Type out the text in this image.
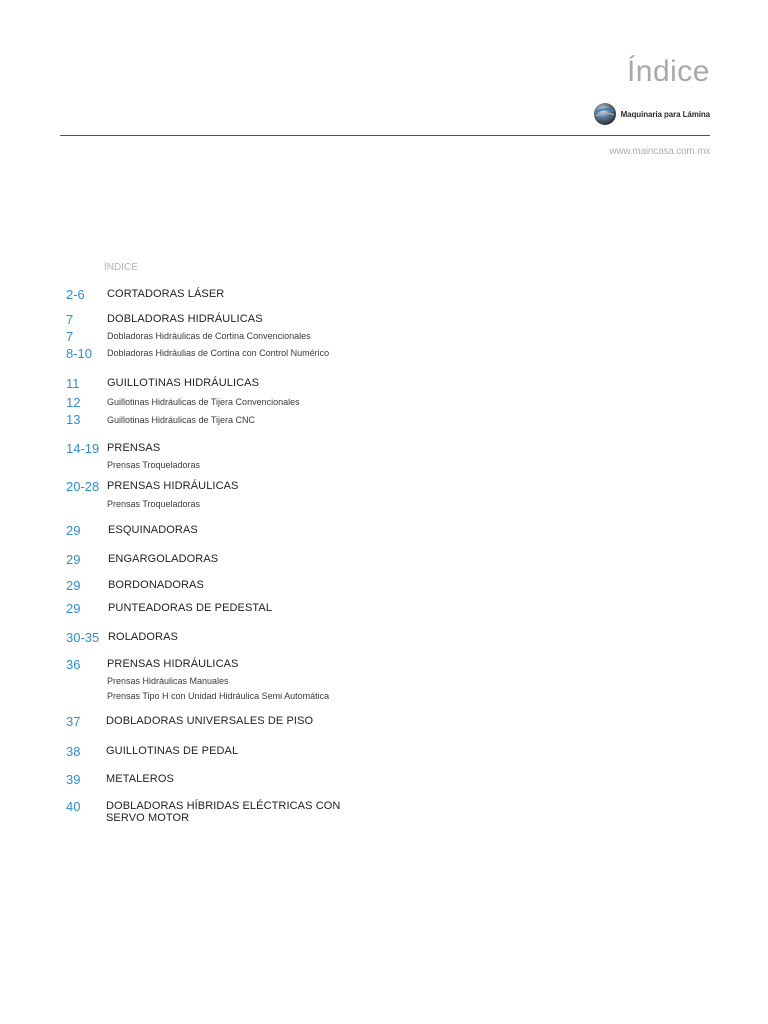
Índice
Maquinaria para Lámina
www.maincasa.com.mx
ÍNDICE
2-6 CORTADORAS LÁSER
7	DOBLADORAS HIDRÁULICAS
7	Dobladoras Hidráulicas de Cortina Convencionales
8-10 Dobladoras Hidráulias de Cortina con Control Numérico
11	GUILLOTINAS HIDRÁULICAS
12	Guillotinas Hidráulicas de Tijera Convencionales
13	Guillotinas Hidráulicas de Tijera CNC
14-19 PRENSAS
Prensas Troqueladoras
20-28 PRENSAS HIDRÁULICAS
Prensas Troqueladoras
29	ESQUINADORAS
29	ENGARGOLADORAS
29	BORDONADORAS
29	PUNTEADORAS DE PEDESTAL
30-35 ROLADORAS
36 PRENSAS HIDRÁULICAS
Prensas Hidráulicas Manuales
Prensas Tipo H con Unidad Hidráulica Semi Automática
37 DOBLADORAS UNIVERSALES DE PISO
38 GUILLOTINAS DE PEDAL
39 METALEROS
40 DOBLADORAS HÍBRIDAS ELÉCTRICAS CON SERVO MOTOR
